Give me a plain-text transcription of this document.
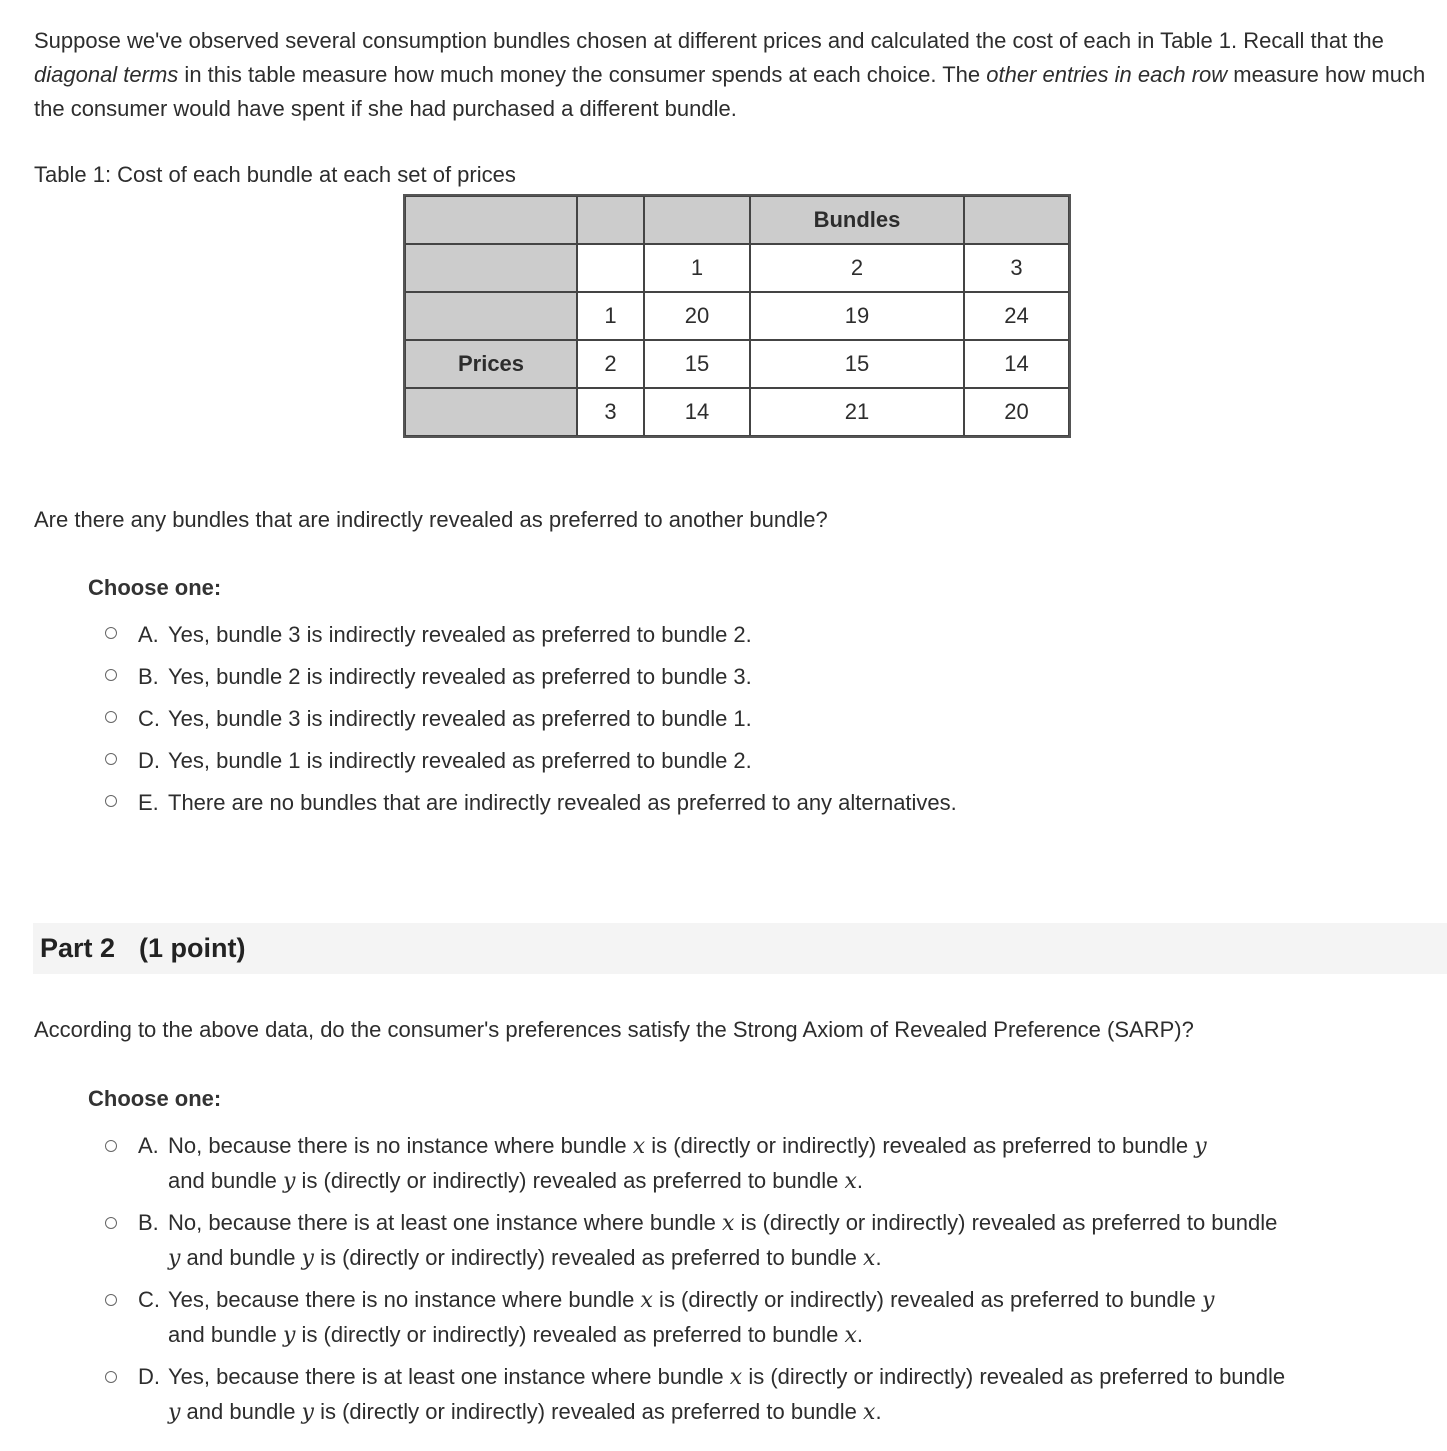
Suppose we've observed several consumption bundles chosen at different prices and calculated the cost of each in Table 1. Recall that the diagonal terms in this table measure how much money the consumer spends at each choice. The other entries in each row measure how much the consumer would have spent if she had purchased a different bundle.
Table 1: Cost of each bundle at each set of prices
			Bundles	
		1	2	3
	1	20	19	24
Prices	2	15	15	14
	3	14	21	20
Are there any bundles that are indirectly revealed as preferred to another bundle?
Choose one:
A. Yes, bundle 3 is indirectly revealed as preferred to bundle 2.
B. Yes, bundle 2 is indirectly revealed as preferred to bundle 3.
C. Yes, bundle 3 is indirectly revealed as preferred to bundle 1.
D. Yes, bundle 1 is indirectly revealed as preferred to bundle 2.
E. There are no bundles that are indirectly revealed as preferred to any alternatives.
Part 2 (1 point)
According to the above data, do the consumer's preferences satisfy the Strong Axiom of Revealed Preference (SARP)?
Choose one:
A. No, because there is no instance where bundle x is (directly or indirectly) revealed as preferred to bundle y
and bundle y is (directly or indirectly) revealed as preferred to bundle x.
B. No, because there is at least one instance where bundle x is (directly or indirectly) revealed as preferred to bundle
y and bundle y is (directly or indirectly) revealed as preferred to bundle x.
C. Yes, because there is no instance where bundle x is (directly or indirectly) revealed as preferred to bundle y
and bundle y is (directly or indirectly) revealed as preferred to bundle x.
D. Yes, because there is at least one instance where bundle x is (directly or indirectly) revealed as preferred to bundle
y and bundle y is (directly or indirectly) revealed as preferred to bundle x.
